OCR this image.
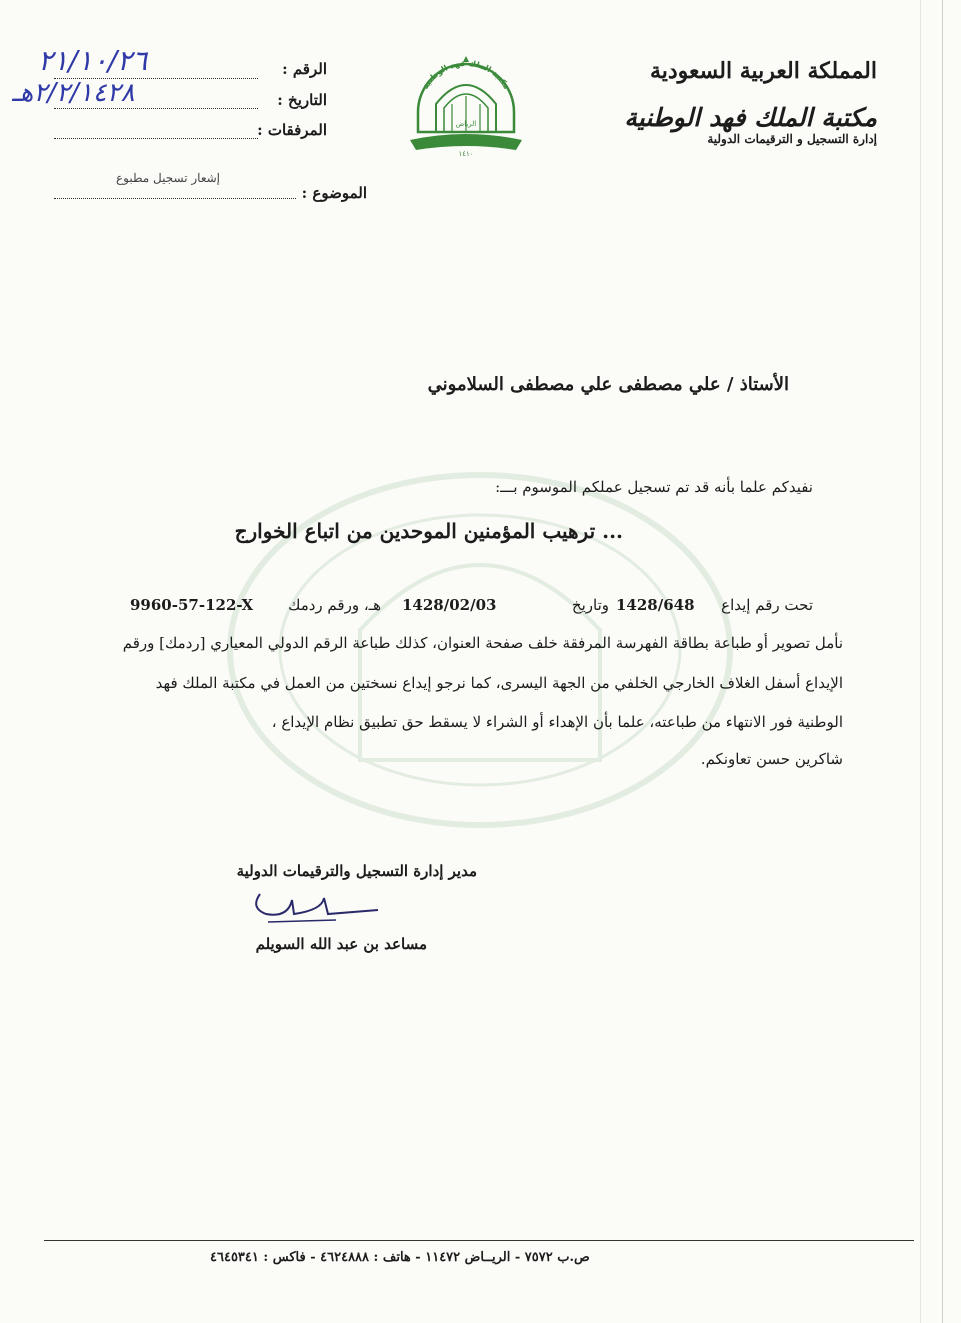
المملكة العربية السعودية
مكتبة الملك فهد الوطنية
إدارة التسجيل و الترقيمات الدولية
مكتبة الملك فهد الوطنية
الرياض
١٤١٠
الرقم :
٢١/١٠/٢٦
التاريخ :
٢/٢/١٤٢٨هـ
المرفقات :
الموضوع :
إشعار تسجيل مطبوع
الأستاذ / علي مصطفى علي مصطفى السلاموني
نفيدكم علما بأنه قد تم تسجيل عملكم الموسوم بـــ:
... ترهيب المؤمنين الموحدين من اتباع الخوارج
تحت رقم إيداع
1428/648
وتاريخ
1428/02/03
هـ، ورقم ردمك
9960-57-122-X
نأمل تصوير أو طباعة بطاقة الفهرسة المرفقة خلف صفحة العنوان، كذلك طباعة الرقم الدولي المعياري [ردمك] ورقم
الإيداع أسفل الغلاف الخارجي الخلفي من الجهة اليسرى، كما نرجو إيداع نسختين من العمل في مكتبة الملك فهد
الوطنية فور الانتهاء من طباعته، علما بأن الإهداء أو الشراء لا يسقط حق تطبيق نظام الإيداع ،
شاكرين حسن تعاونكم.
مدير إدارة التسجيل والترقيمات الدولية
مساعد بن عبد الله السويلم
ص.ب ٧٥٧٢ - الريــاض ١١٤٧٢ - هاتف : ٤٦٢٤٨٨٨ - فاكس : ٤٦٤٥٣٤١
